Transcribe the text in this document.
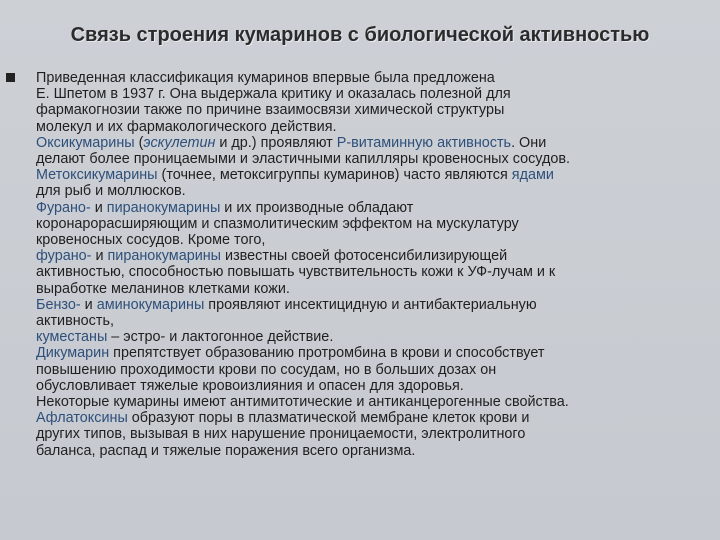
Связь строения кумаринов с биологической активностью

Приведенная классификация кумаринов впервые была предложена
Е. Шпетом в 1937 г. Она выдержала критику и оказалась полезной для
фармакогнозии также по причине взаимосвязи химической структуры
молекул и их фармакологического действия.

Оксикумарины (эскулетин и др.) проявляют Р-витаминную активность. Они
делают более проницаемыми и эластичными капилляры кровеносных сосудов.

Метоксикумарины (точнее, метоксигруппы кумаринов) часто являются ядами
для рыб и моллюсков.

Фурано- и пиранокумарины и их производные обладают
коронарорасширяющим и спазмолитическим эффектом на мускулатуру
кровеносных сосудов. Кроме того,

фурано- и пиранокумарины известны своей фотосенсибилизирующей
активностью, способностью повышать чувствительность кожи к УФ-лучам и к
выработке меланинов клетками кожи.

Бензо- и аминокумарины проявляют инсектицидную и антибактериальную
активность,

куместаны – эстро- и лактогонное действие.

Дикумарин препятствует образованию протромбина в крови и способствует
повышению проходимости крови по сосудам, но в больших дозах он
обусловливает тяжелые кровоизлияния и опасен для здоровья.

Некоторые кумарины имеют антимитотические и антиканцерогенные свойства.
Афлатоксины образуют поры в плазматической мембране клеток крови и
других типов, вызывая в них нарушение проницаемости, электролитного
баланса, распад и тяжелые поражения всего организма.
